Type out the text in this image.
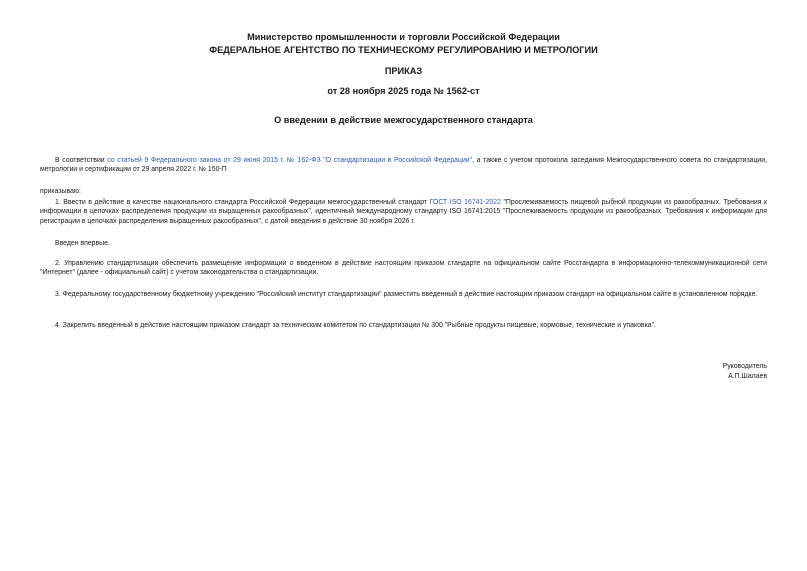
Министерство промышленности и торговли Российской Федерации
ФЕДЕРАЛЬНОЕ АГЕНТСТВО ПО ТЕХНИЧЕСКОМУ РЕГУЛИРОВАНИЮ И МЕТРОЛОГИИ
ПРИКАЗ
от 28 ноября 2025 года № 1562-ст
О введении в действие межгосударственного стандарта
В соответствии со статьей 9 Федерального закона от 29 июня 2015 г. № 162-ФЗ "О стандартизации в Российской Федерации", а также с учетом протокола заседания Межгосударственного совета по стандартизации, метрологии и сертификации от 29 апреля 2022 г. № 150-П
приказываю:
1. Ввести в действие в качестве национального стандарта Российской Федерации межгосударственный стандарт ГОСТ ISO 16741-2022 "Прослеживаемость пищевой рыбной продукции из ракообразных. Требования к информации в цепочках распределения продукции из выращенных ракообразных", идентичный международному стандарту ISO 16741:2015 "Прослеживаемость продукции из ракообразных. Требования к информации для регистрации в цепочках распределения выращенных ракообразных", с датой введения в действие 30 ноября 2026 г.
Введен впервые.
2. Управлению стандартизации обеспечить размещение информации о введенном в действие настоящим приказом стандарте на официальном сайте Росстандарта в информационно-телекоммуникационной сети "Интернет" (далее - официальный сайт) с учетом законодательства о стандартизации.
3. Федеральному государственному бюджетному учреждению "Российский институт стандартизации" разместить введенный в действие настоящим приказом стандарт на официальном сайте в установленном порядке.
4. Закрепить введенный в действие настоящим приказом стандарт за техническим комитетом по стандартизации № 300 "Рыбные продукты пищевые, кормовые, технические и упаковка".
Руководитель
А.П.Шалаев
